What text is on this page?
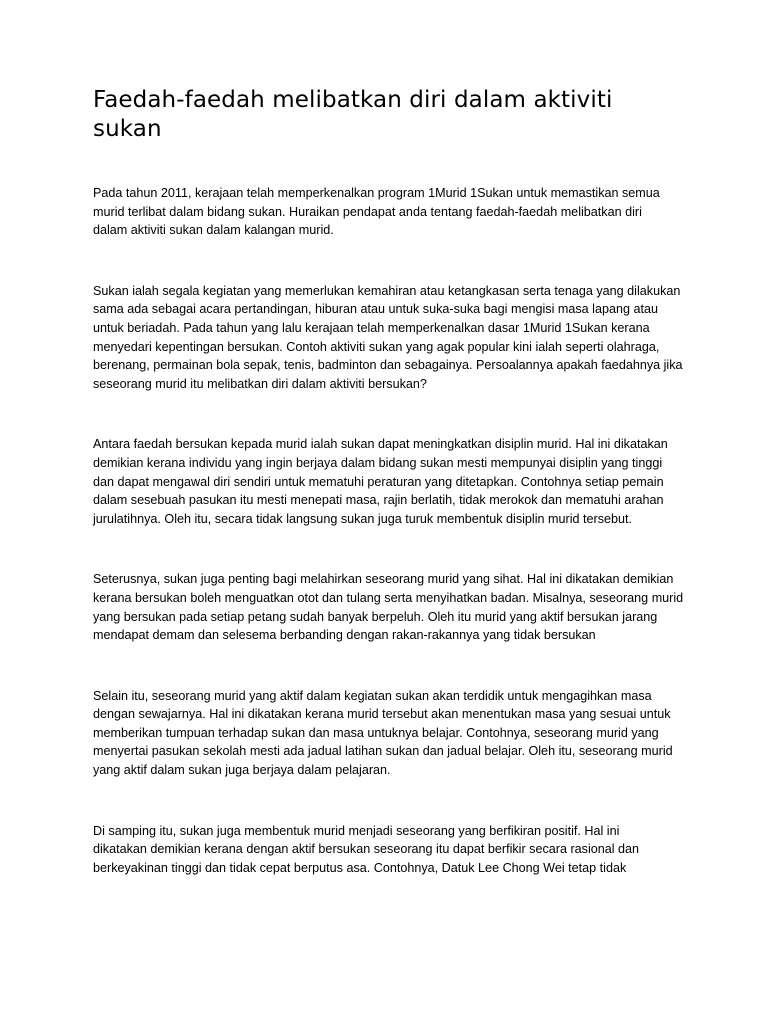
Faedah-faedah melibatkan diri dalam aktiviti sukan

Pada tahun 2011, kerajaan telah memperkenalkan program 1Murid 1Sukan untuk memastikan semua murid terlibat dalam bidang sukan. Huraikan pendapat anda tentang faedah-faedah melibatkan diri dalam aktiviti sukan dalam kalangan murid.

Sukan ialah segala kegiatan yang memerlukan kemahiran atau ketangkasan serta tenaga yang dilakukan sama ada sebagai acara pertandingan, hiburan atau untuk suka-suka bagi mengisi masa lapang atau untuk beriadah. Pada tahun yang lalu kerajaan telah memperkenalkan dasar 1Murid 1Sukan kerana menyedari kepentingan bersukan. Contoh aktiviti sukan yang agak popular kini ialah seperti olahraga, berenang, permainan bola sepak, tenis, badminton dan sebagainya. Persoalannya apakah faedahnya jika seseorang murid itu melibatkan diri dalam aktiviti bersukan?

Antara faedah bersukan kepada murid ialah sukan dapat meningkatkan disiplin murid. Hal ini dikatakan demikian kerana individu yang ingin berjaya dalam bidang sukan mesti mempunyai disiplin yang tinggi dan dapat mengawal diri sendiri untuk mematuhi peraturan yang ditetapkan. Contohnya setiap pemain dalam sesebuah pasukan itu mesti menepati masa, rajin berlatih, tidak merokok dan mematuhi arahan jurulatihnya. Oleh itu, secara tidak langsung sukan juga turuk membentuk disiplin murid tersebut.

Seterusnya, sukan juga penting bagi melahirkan seseorang murid yang sihat. Hal ini dikatakan demikian kerana bersukan boleh menguatkan otot dan tulang serta menyihatkan badan. Misalnya, seseorang murid yang bersukan pada setiap petang sudah banyak berpeluh. Oleh itu murid yang aktif bersukan jarang mendapat demam dan selesema berbanding dengan rakan-rakannya yang tidak bersukan

Selain itu, seseorang murid yang aktif dalam kegiatan sukan akan terdidik untuk mengagihkan masa dengan sewajarnya. Hal ini dikatakan kerana murid tersebut akan menentukan masa yang sesuai untuk memberikan tumpuan terhadap sukan dan masa untuknya belajar. Contohnya, seseorang murid yang menyertai pasukan sekolah mesti ada jadual latihan sukan dan jadual belajar. Oleh itu, seseorang murid yang aktif dalam sukan juga berjaya dalam pelajaran.

Di samping itu, sukan juga membentuk murid menjadi seseorang yang berfikiran positif. Hal ini dikatakan demikian kerana dengan aktif bersukan seseorang itu dapat berfikir secara rasional dan berkeyakinan tinggi dan tidak cepat berputus asa. Contohnya, Datuk Lee Chong Wei tetap tidak
